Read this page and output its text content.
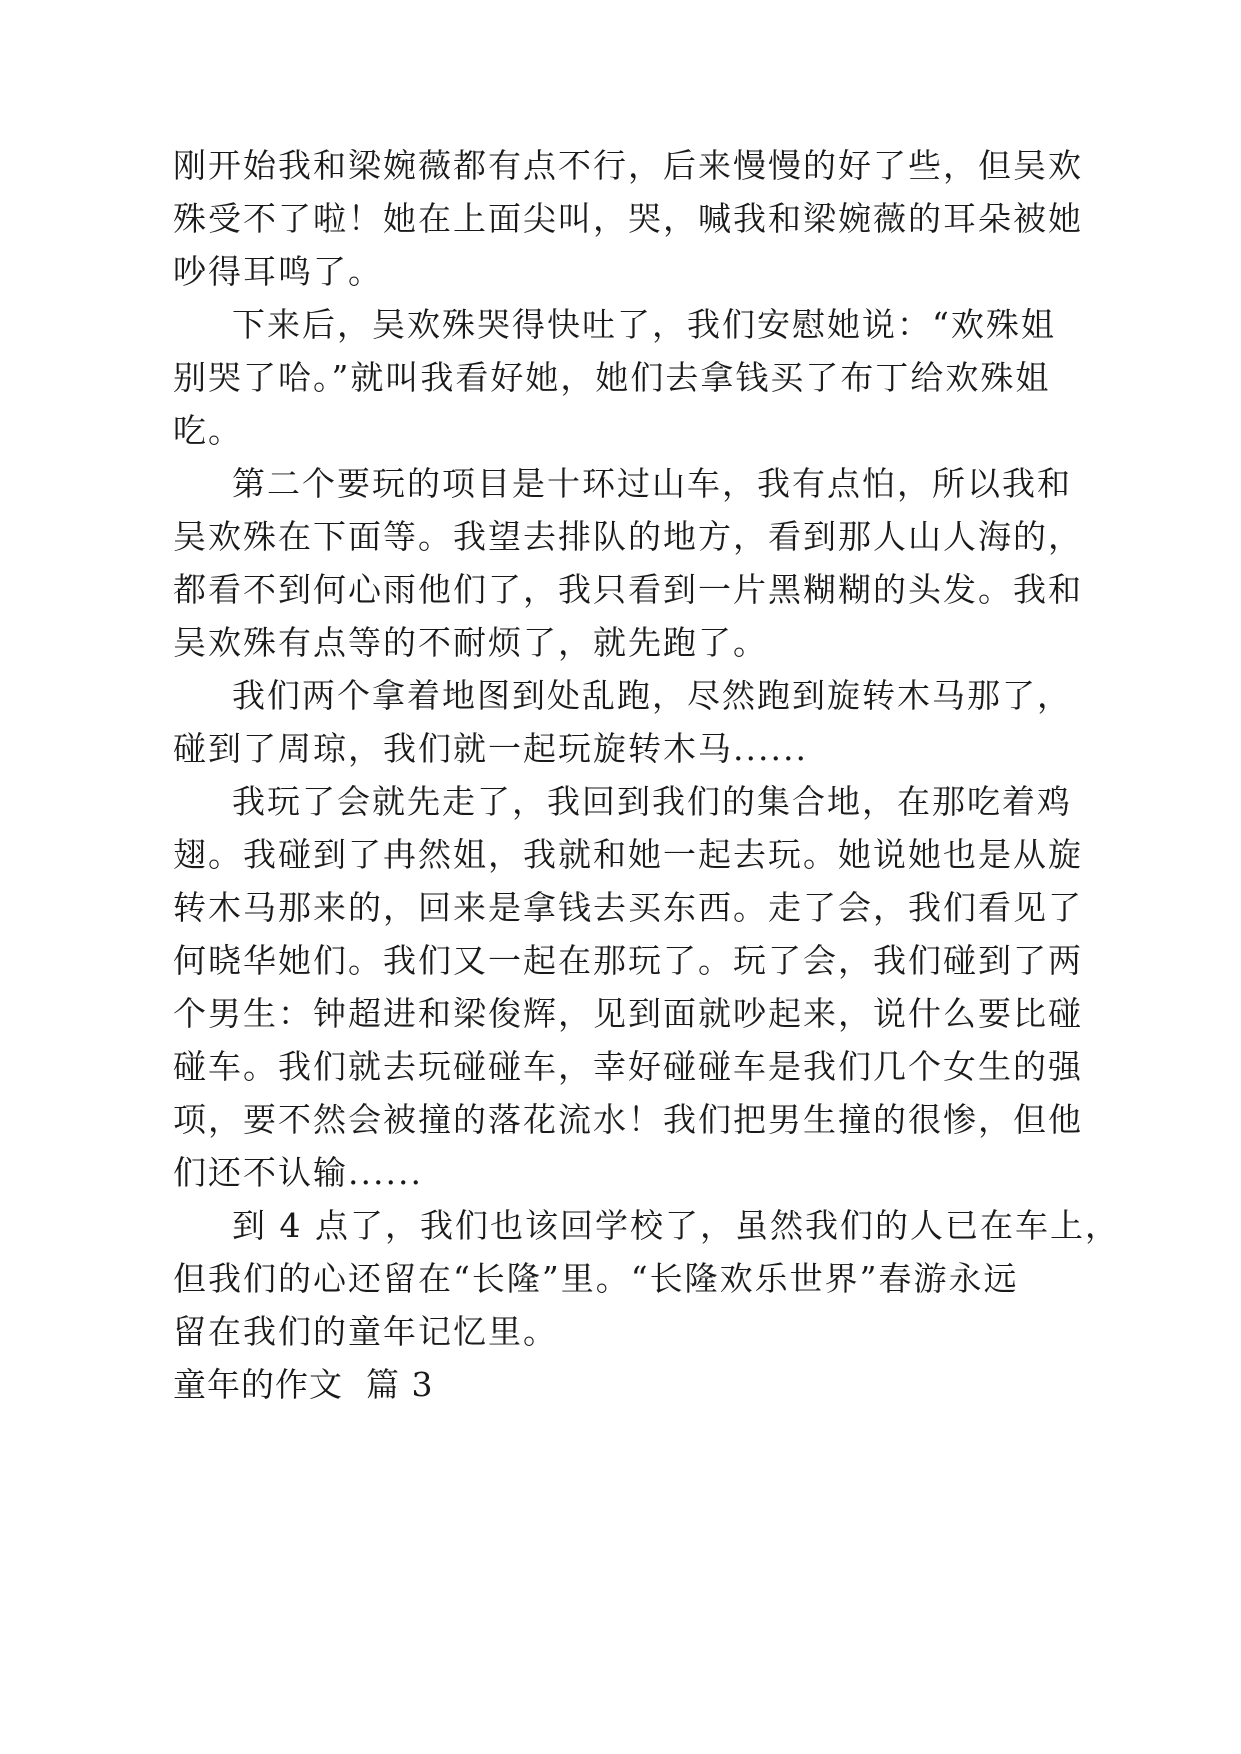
刚开始我和梁婉薇都有点不行，后来慢慢的好了些，但吴欢
殊受不了啦！她在上面尖叫，哭，喊我和梁婉薇的耳朵被她
吵得耳鸣了。
下来后，吴欢殊哭得快吐了，我们安慰她说：“欢殊姐
别哭了哈。”就叫我看好她，她们去拿钱买了布丁给欢殊姐
吃。
第二个要玩的项目是十环过山车，我有点怕，所以我和
吴欢殊在下面等。我望去排队的地方，看到那人山人海的，
都看不到何心雨他们了，我只看到一片黑糊糊的头发。我和
吴欢殊有点等的不耐烦了，就先跑了。
我们两个拿着地图到处乱跑，尽然跑到旋转木马那了，
碰到了周琼，我们就一起玩旋转木马......
我玩了会就先走了，我回到我们的集合地，在那吃着鸡
翅。我碰到了冉然姐，我就和她一起去玩。她说她也是从旋
转木马那来的，回来是拿钱去买东西。走了会，我们看见了
何晓华她们。我们又一起在那玩了。玩了会，我们碰到了两
个男生：钟超进和梁俊辉，见到面就吵起来，说什么要比碰
碰车。我们就去玩碰碰车，幸好碰碰车是我们几个女生的强
项，要不然会被撞的落花流水！我们把男生撞的很惨，但他
们还不认输......
到 4 点了，我们也该回学校了，虽然我们的人已在车上，
但我们的心还留在“长隆”里。“长隆欢乐世界”春游永远
留在我们的童年记忆里。
童年的作文  篇 3
